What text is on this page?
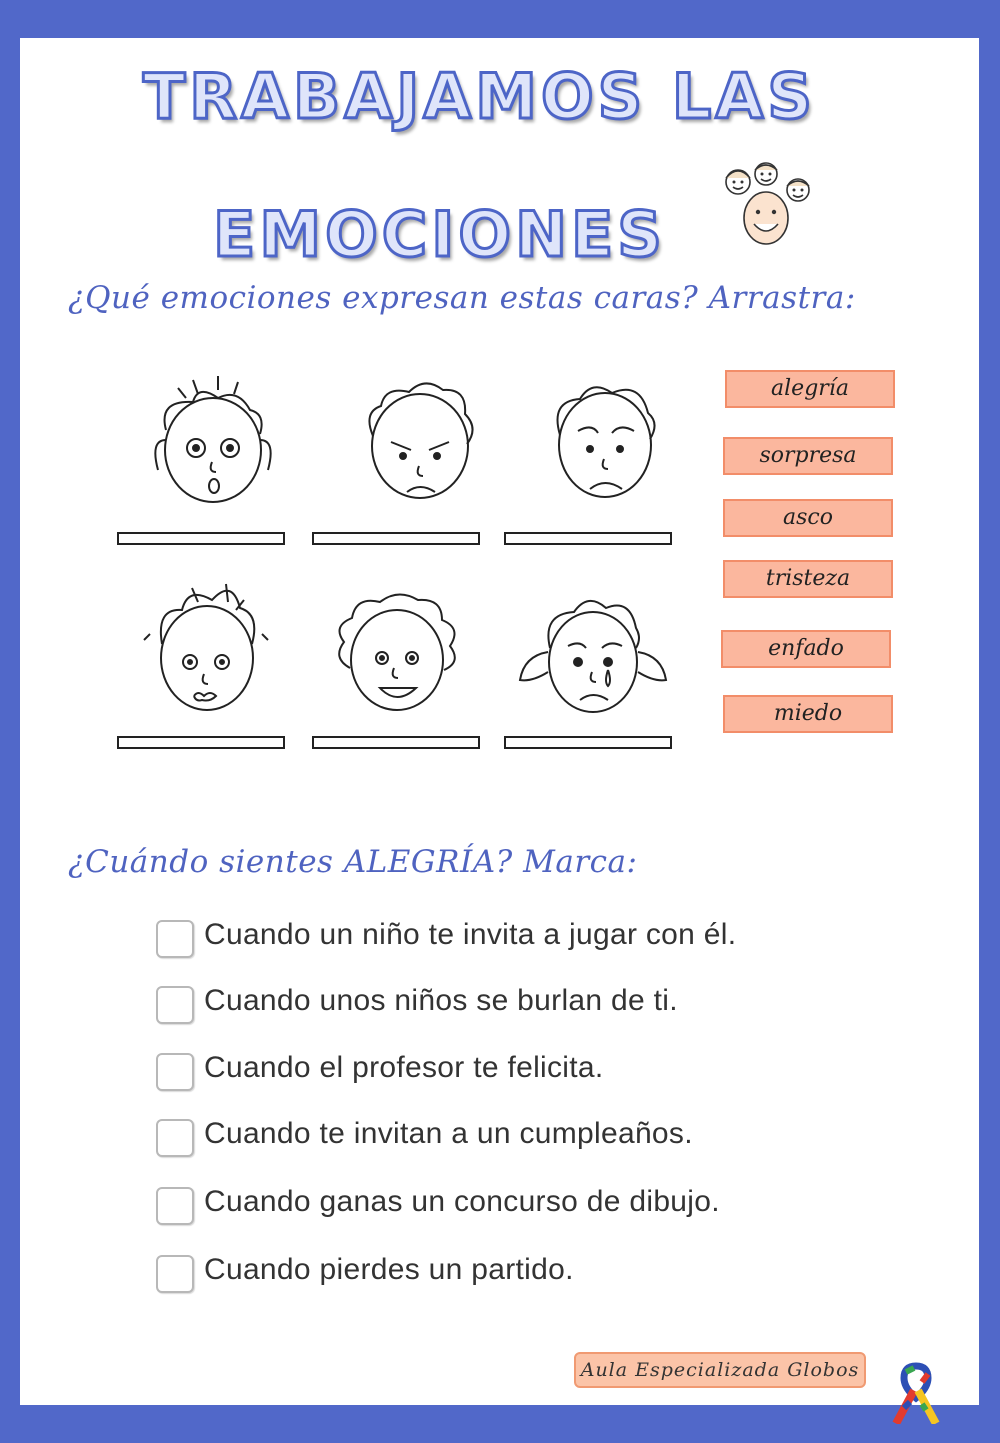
TRABAJAMOS LAS
EMOCIONES
¿Qué emociones expresan estas caras? Arrastra:
alegría
sorpresa
asco
tristeza
enfado
miedo
¿Cuándo sientes ALEGRÍA? Marca:
Cuando un niño te invita a jugar con él.
Cuando unos niños se burlan de ti.
Cuando el profesor te felicita.
Cuando te invitan a un cumpleaños.
Cuando ganas un concurso de dibujo.
Cuando pierdes un partido.
Aula Especializada Globos
